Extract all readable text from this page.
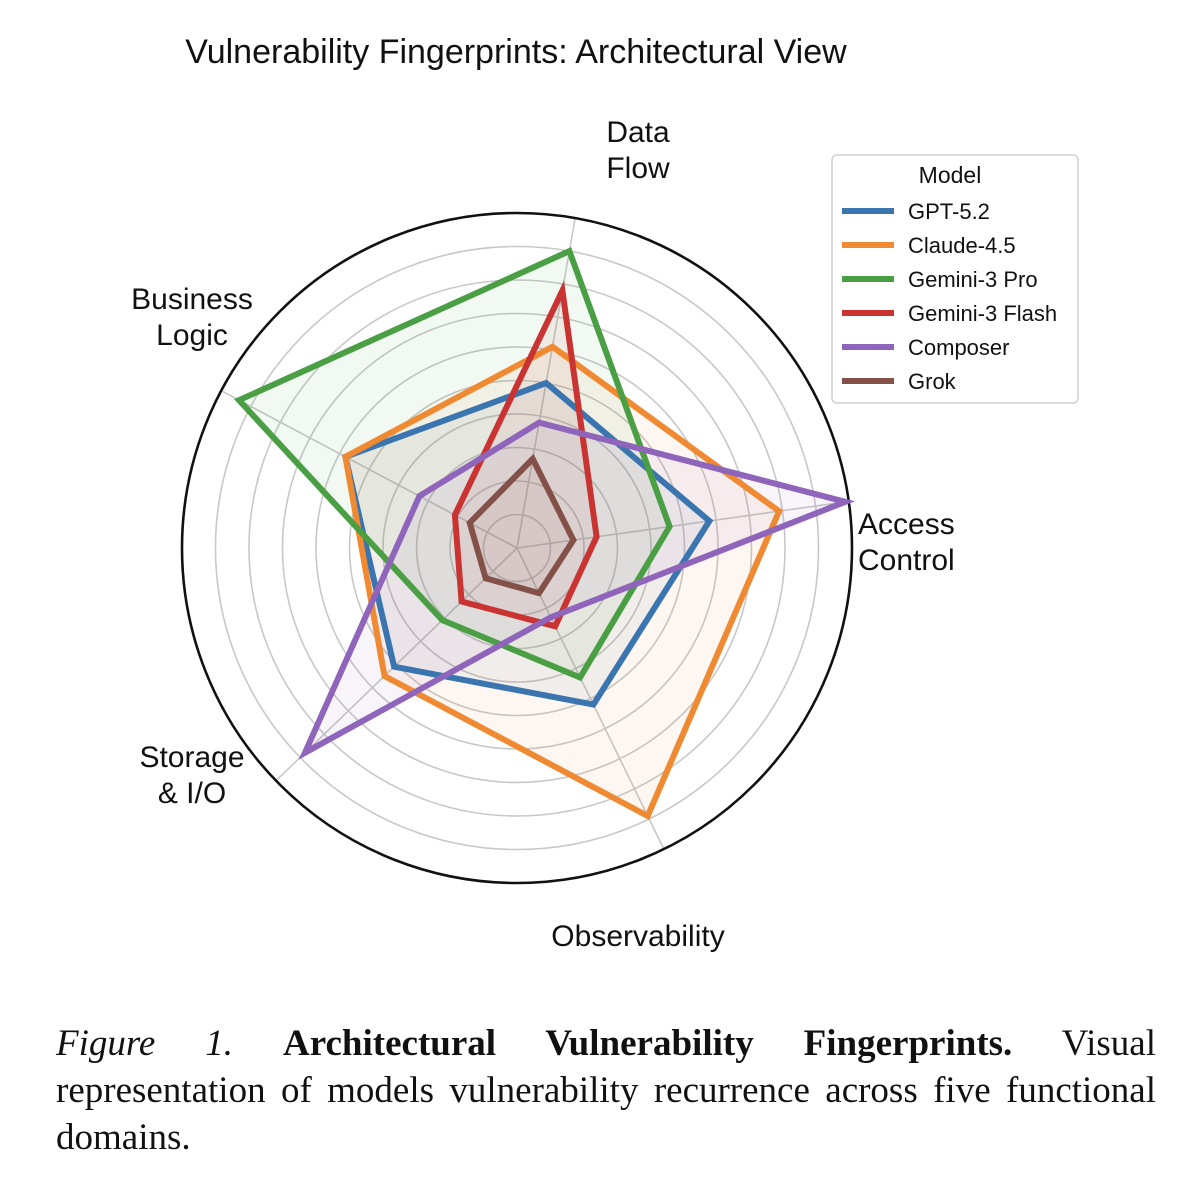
Vulnerability Fingerprints: Architectural View
Data Flow
Access Control
Observability
Storage & I/O
Business Logic
Model
GPT-5.2
Claude-4.5
Gemini-3 Pro
Gemini-3 Flash
Composer
Grok
Figure 1. Architectural Vulnerability Fingerprints. Visual representation of models vulnerability recurrence across five functional domains.
